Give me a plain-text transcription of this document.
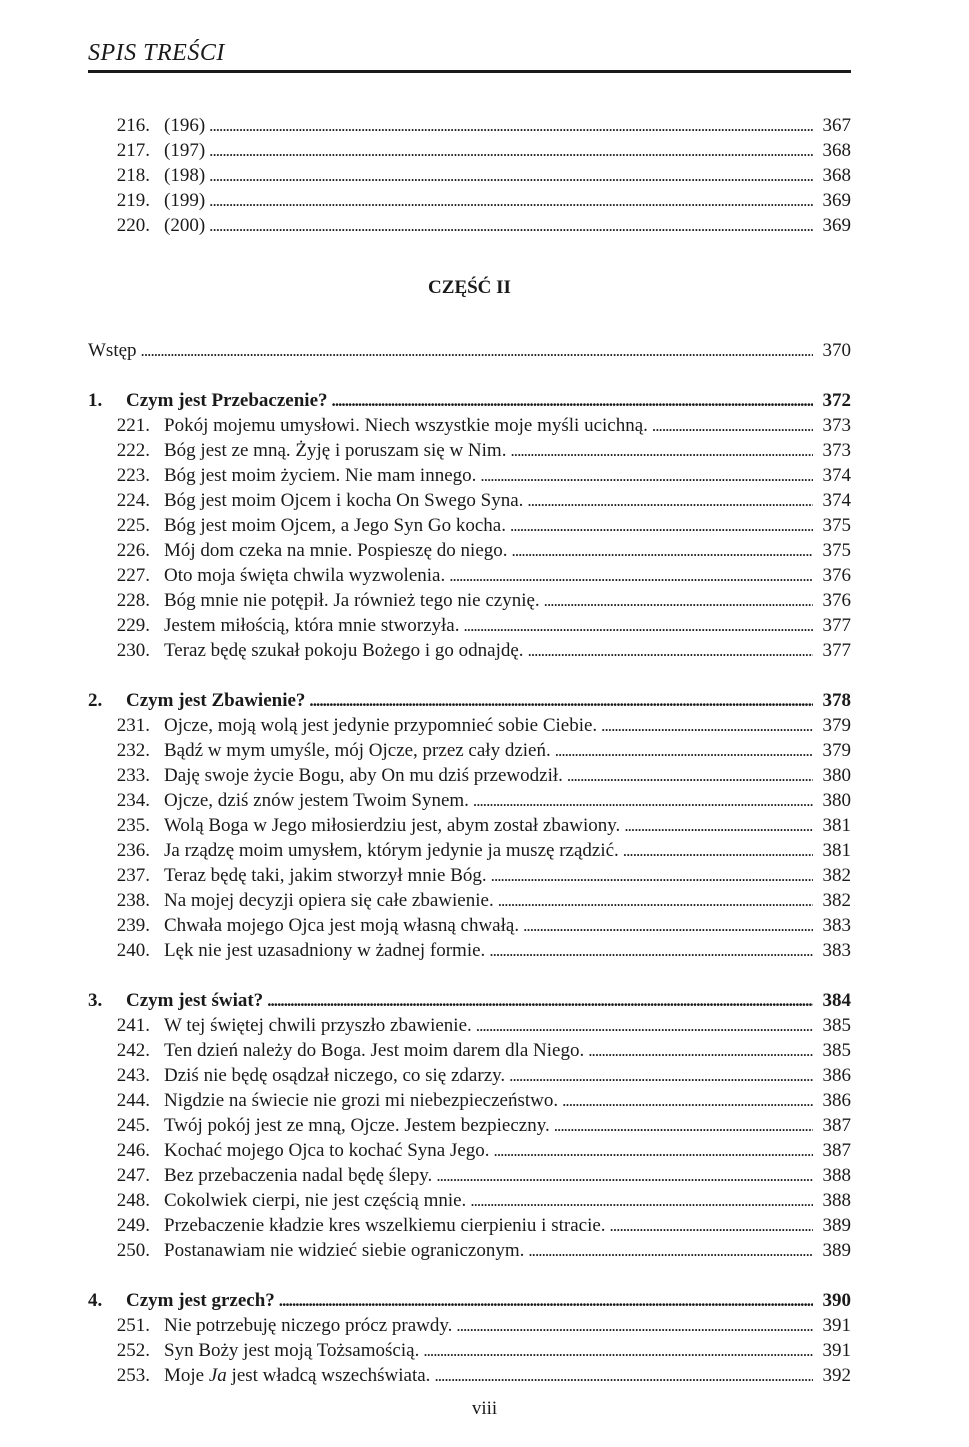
SPIS TREŚCI
216. (196) . . .	367
217. (197) . . .	368
218. (198) . . .	368
219. (199) . . .	369
220. (200) . . .	369
CZĘŚĆ II
Wstęp . . .	370
1.	Czym jest Przebaczenie? . . .	372
221. Pokój mojemu umysłowi. Niech wszystkie moje myśli ucichną. . . .	373
222. Bóg jest ze mną. Żyję i poruszam się w Nim. . . .	373
223. Bóg jest moim życiem. Nie mam innego. . . .	374
224. Bóg jest moim Ojcem i kocha On Swego Syna. . . .	374
225. Bóg jest moim Ojcem, a Jego Syn Go kocha. . . .	375
226. Mój dom czeka na mnie. Pospieszę do niego. . . .	375
227. Oto moja święta chwila wyzwolenia. . . .	376
228. Bóg mnie nie potępił. Ja również tego nie czynię. . . .	376
229. Jestem miłością, która mnie stworzyła. . . .	377
230. Teraz będę szukał pokoju Bożego i go odnajdę. . . .	377
2.	Czym jest Zbawienie? . . .	378
231. Ojcze, moją wolą jest jedynie przypomnieć sobie Ciebie. . . .	379
232. Bądź w mym umyśle, mój Ojcze, przez cały dzień. . . .	379
233. Daję swoje życie Bogu, aby On mu dziś przewodził. . . .	380
234. Ojcze, dziś znów jestem Twoim Synem. . . .	380
235. Wolą Boga w Jego miłosierdziu jest, abym został zbawiony. . . .	381
236. Ja rządzę moim umysłem, którym jedynie ja muszę rządzić. . . .	381
237. Teraz będę taki, jakim stworzył mnie Bóg. . . .	382
238. Na mojej decyzji opiera się całe zbawienie. . . .	382
239. Chwała mojego Ojca jest moją własną chwałą. . . .	383
240. Lęk nie jest uzasadniony w żadnej formie. . . .	383
3.	Czym jest świat? . . .	384
241. W tej świętej chwili przyszło zbawienie. . . .	385
242. Ten dzień należy do Boga. Jest moim darem dla Niego. . . .	385
243. Dziś nie będę osądzał niczego, co się zdarzy. . . .	386
244. Nigdzie na świecie nie grozi mi niebezpieczeństwo. . . .	386
245. Twój pokój jest ze mną, Ojcze. Jestem bezpieczny. . . .	387
246. Kochać mojego Ojca to kochać Syna Jego. . . .	387
247. Bez przebaczenia nadal będę ślepy. . . .	388
248. Cokolwiek cierpi, nie jest częścią mnie. . . .	388
249. Przebaczenie kładzie kres wszelkiemu cierpieniu i stracie. . . .	389
250. Postanawiam nie widzieć siebie ograniczonym. . . .	389
4.	Czym jest grzech? . . .	390
251. Nie potrzebuję niczego prócz prawdy. . . .	391
252. Syn Boży jest moją Tożsamością. . . .	391
253. Moje Ja jest władcą wszechświata. . . .	392
viii
